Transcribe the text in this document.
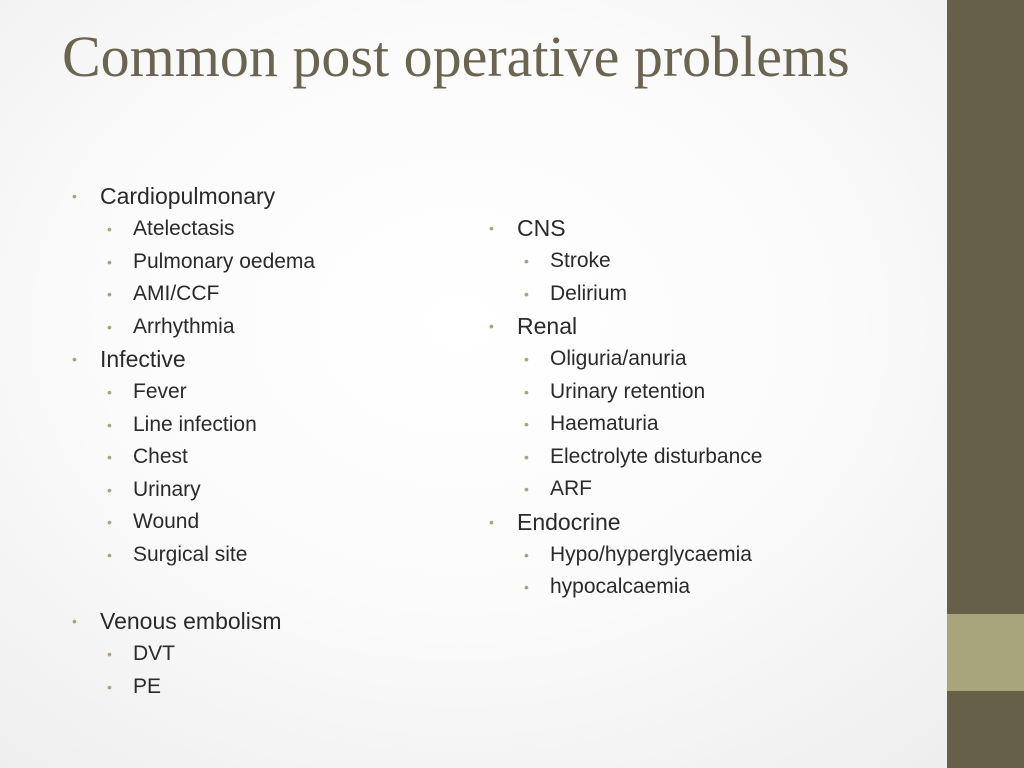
Common post operative problems
• Cardiopulmonary
• Atelectasis
• Pulmonary oedema
• AMI/CCF
• Arrhythmia
• Infective
• Fever
• Line infection
• Chest
• Urinary
• Wound
• Surgical site
• Venous embolism
• DVT
• PE
• CNS
• Stroke
• Delirium
• Renal
• Oliguria/anuria
• Urinary retention
• Haematuria
• Electrolyte disturbance
• ARF
• Endocrine
• Hypo/hyperglycaemia
• hypocalcaemia
